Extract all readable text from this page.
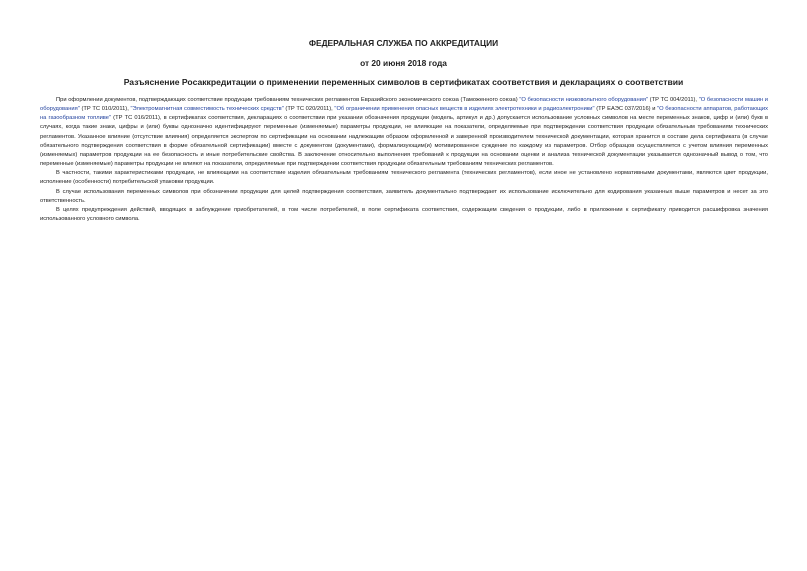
ФЕДЕРАЛЬНАЯ СЛУЖБА ПО АККРЕДИТАЦИИ

от 20 июня 2018 года

Разъяснение Росаккредитации о применении переменных символов в сертификатах соответствия и декларациях о соответствии

При оформлении документов, подтверждающих соответствие продукции требованиям технических регламентов Евразийского экономического союза (Таможенного союза) "О безопасности низковольтного оборудования" (ТР ТС 004/2011), "О безопасности машин и оборудования" (ТР ТС 010/2011), "Электромагнитная совместимость технических средств" (ТР ТС 020/2011), "Об ограничении применения опасных веществ в изделиях электротехники и радиоэлектроники" (ТР ЕАЭС 037/2016) и "О безопасности аппаратов, работающих на газообразном топливе" (ТР ТС 016/2011), в сертификатах соответствия, декларациях о соответствии при указании обозначения продукции (модель, артикул и др.) допускается использование условных символов на месте переменных знаков, цифр и (или) букв в случаях, когда такие знаки, цифры и (или) буквы однозначно идентифицируют переменные (изменяемые) параметры продукции, не влияющие на показатели, определяемые при подтверждении соответствия продукции обязательным требованиям технических регламентов. Указанное влияние (отсутствие влияния) определяется экспертом по сертификации на основании надлежащим образом оформленной и заверенной производителем технической документации, которая хранится в составе дела сертификата (в случае обязательного подтверждения соответствия в форме обязательной сертификации) вместе с документом (документами), формализующим(и) мотивированное суждение по каждому из параметров. Отбор образцов осуществляется с учетом влияния переменных (изменяемых) параметров продукции на ее безопасность и иные потребительские свойства. В заключение относительно выполнения требований к продукции на основании оценки и анализа технической документации указывается однозначный вывод о том, что переменные (изменяемые) параметры продукции не влияют на показатели, определяемые при подтверждении соответствия продукции обязательным требованиям технических регламентов.

В частности, такими характеристиками продукции, не влияющими на соответствие изделия обязательным требованиям технического регламента (технических регламентов), если иное не установлено нормативными документами, являются цвет продукции, исполнение (особенности) потребительской упаковки продукции.

В случае использования переменных символов при обозначении продукции для целей подтверждения соответствия, заявитель документально подтверждает их использование исключительно для кодирования указанных выше параметров и несет за это ответственность.

В целях предупреждения действий, вводящих в заблуждение приобретателей, в том числе потребителей, в поле сертификата соответствия, содержащем сведения о продукции, либо в приложении к сертификату приводится расшифровка значения использованного условного символа.
